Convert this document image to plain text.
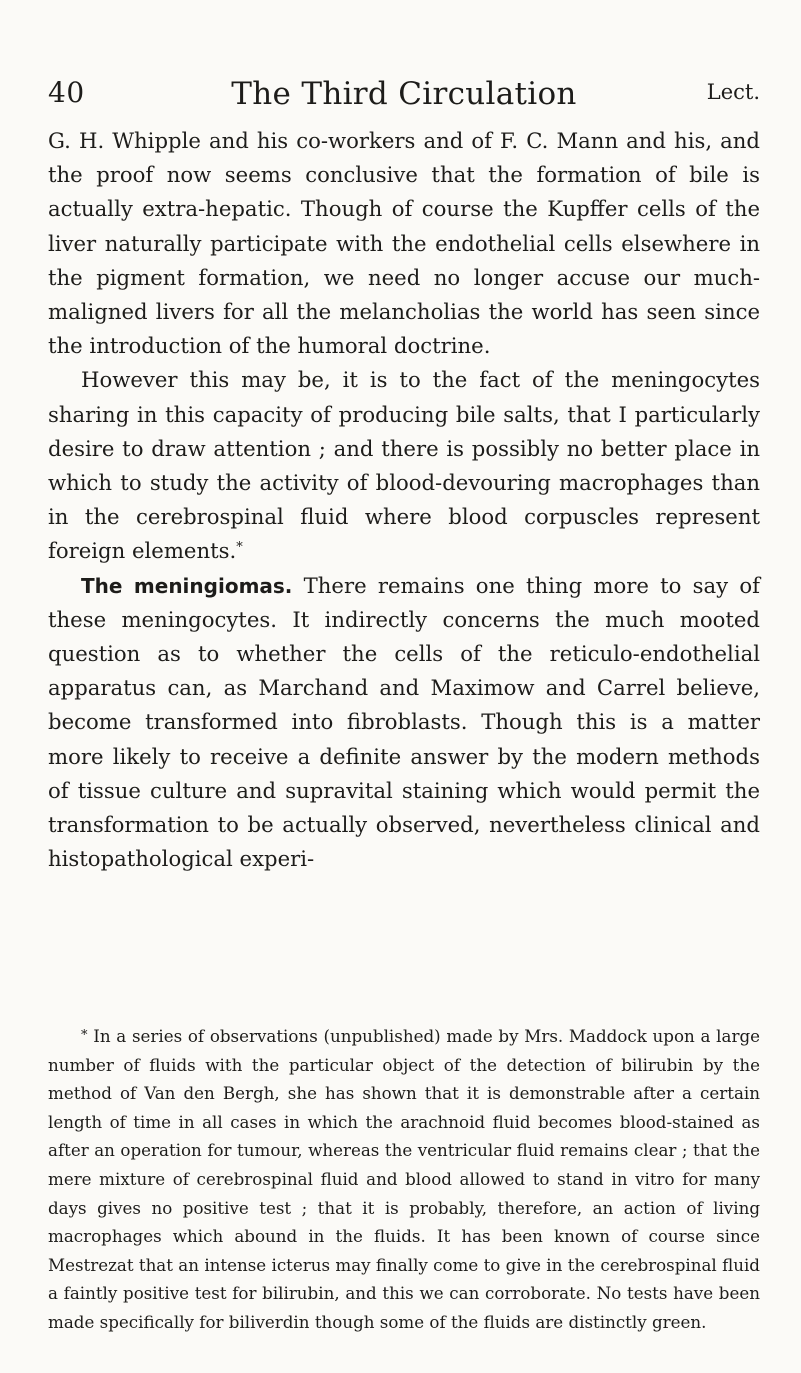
40	The Third Circulation	Lect.

G. H. Whipple and his co-workers and of F. C. Mann and his, and the proof now seems conclusive that the formation of bile is actually extra-hepatic. Though of course the Kupffer cells of the liver naturally participate with the endothelial cells elsewhere in the pigment formation, we need no longer accuse our much-maligned livers for all the melancholias the world has seen since the introduction of the humoral doctrine.

However this may be, it is to the fact of the meningocytes sharing in this capacity of producing bile salts, that I particularly desire to draw attention ; and there is possibly no better place in which to study the activity of blood-devouring macrophages than in the cerebrospinal fluid where blood corpuscles represent foreign elements.*

The meningiomas. There remains one thing more to say of these meningocytes. It indirectly concerns the much mooted question as to whether the cells of the reticulo-endothelial apparatus can, as Marchand and Maximow and Carrel believe, become transformed into fibroblasts. Though this is a matter more likely to receive a definite answer by the modern methods of tissue culture and supravital staining which would permit the transformation to be actually observed, nevertheless clinical and histopathological experi-

* In a series of observations (unpublished) made by Mrs. Maddock upon a large number of fluids with the particular object of the detection of bilirubin by the method of Van den Bergh, she has shown that it is demonstrable after a certain length of time in all cases in which the arachnoid fluid becomes blood-stained as after an operation for tumour, whereas the ventricular fluid remains clear ; that the mere mixture of cerebrospinal fluid and blood allowed to stand in vitro for many days gives no positive test ; that it is probably, therefore, an action of living macrophages which abound in the fluids. It has been known of course since Mestrezat that an intense icterus may finally come to give in the cerebrospinal fluid a faintly positive test for bilirubin, and this we can corroborate. No tests have been made specifically for biliverdin though some of the fluids are distinctly green.
